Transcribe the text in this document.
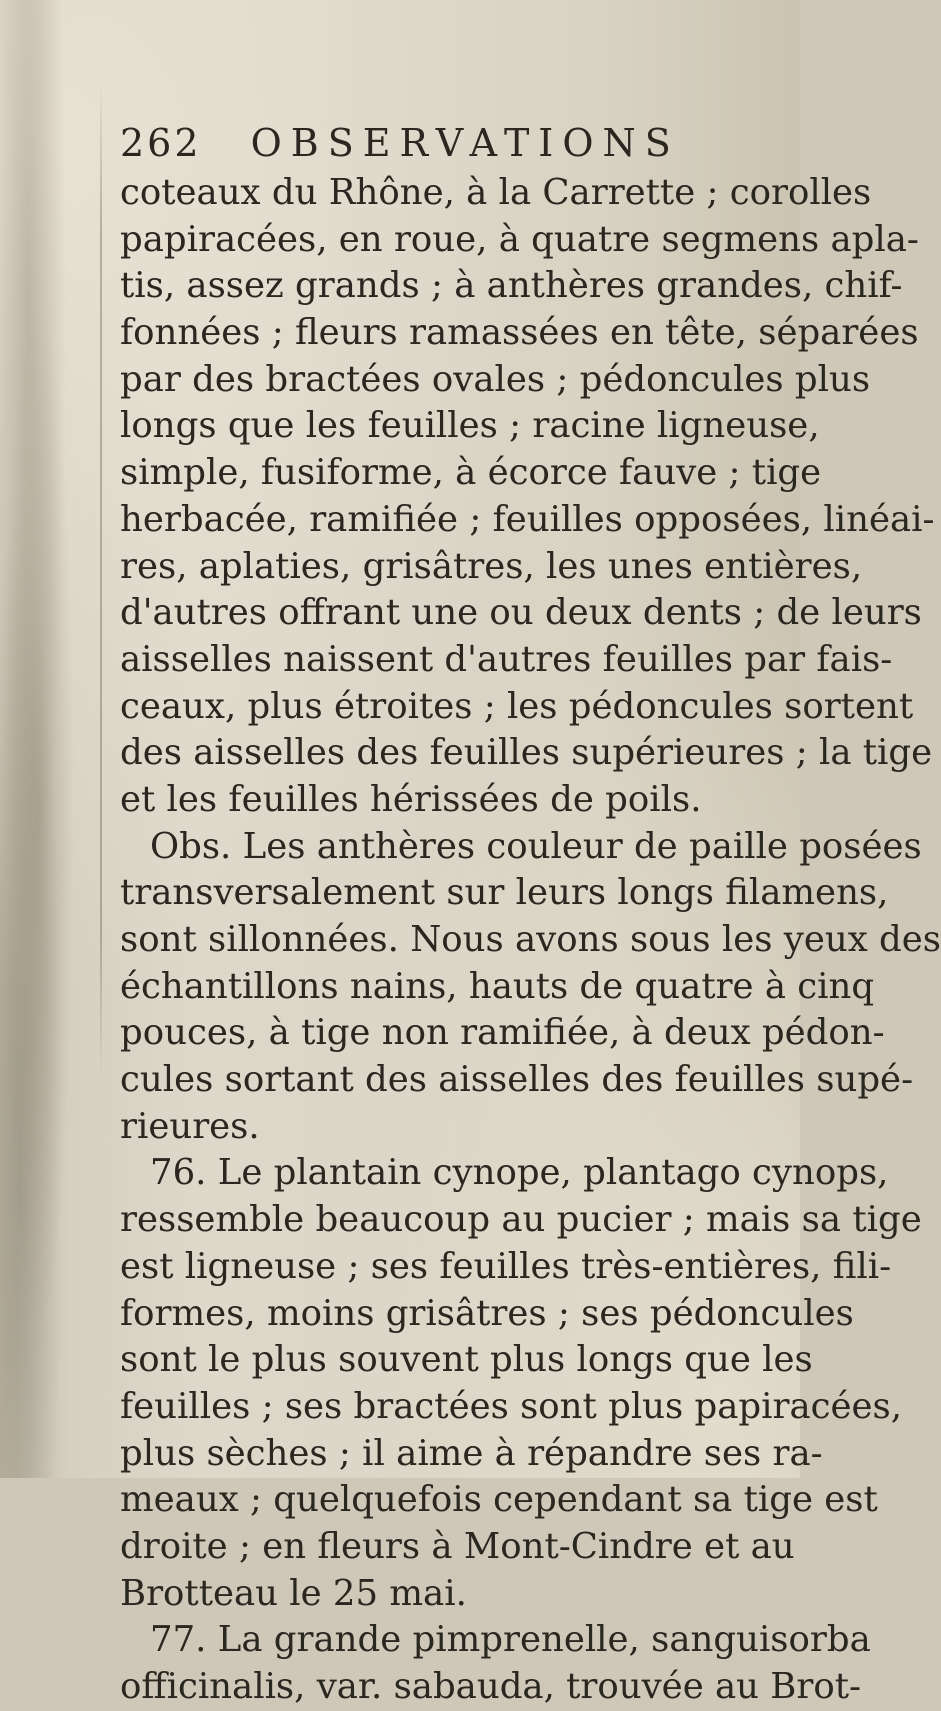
262 OBSERVATIONS
coteaux du Rhône, à la Carrette ; corolles
papiracées, en roue, à quatre segmens apla-
tis, assez grands ; à anthères grandes, chif-
fonnées ; fleurs ramassées en tête, séparées
par des bractées ovales ; pédoncules plus
longs que les feuilles ; racine ligneuse,
simple, fusiforme, à écorce fauve ; tige
herbacée, ramifiée ; feuilles opposées, linéai-
res, aplaties, grisâtres, les unes entières,
d'autres offrant une ou deux dents ; de leurs
aisselles naissent d'autres feuilles par fais-
ceaux, plus étroites ; les pédoncules sortent
des aisselles des feuilles supérieures ; la tige
et les feuilles hérissées de poils.
Obs. Les anthères couleur de paille posées
transversalement sur leurs longs filamens,
sont sillonnées. Nous avons sous les yeux des
échantillons nains, hauts de quatre à cinq
pouces, à tige non ramifiée, à deux pédon-
cules sortant des aisselles des feuilles supé-
rieures.
76. Le plantain cynope, plantago cynops,
ressemble beaucoup au pucier ; mais sa tige
est ligneuse ; ses feuilles très-entières, fili-
formes, moins grisâtres ; ses pédoncules
sont le plus souvent plus longs que les
feuilles ; ses bractées sont plus papiracées,
plus sèches ; il aime à répandre ses ra-
meaux ; quelquefois cependant sa tige est
droite ; en fleurs à Mont-Cindre et au
Brotteau le 25 mai.
77. La grande pimprenelle, sanguisorba
officinalis, var. sabauda, trouvée au Brot-
